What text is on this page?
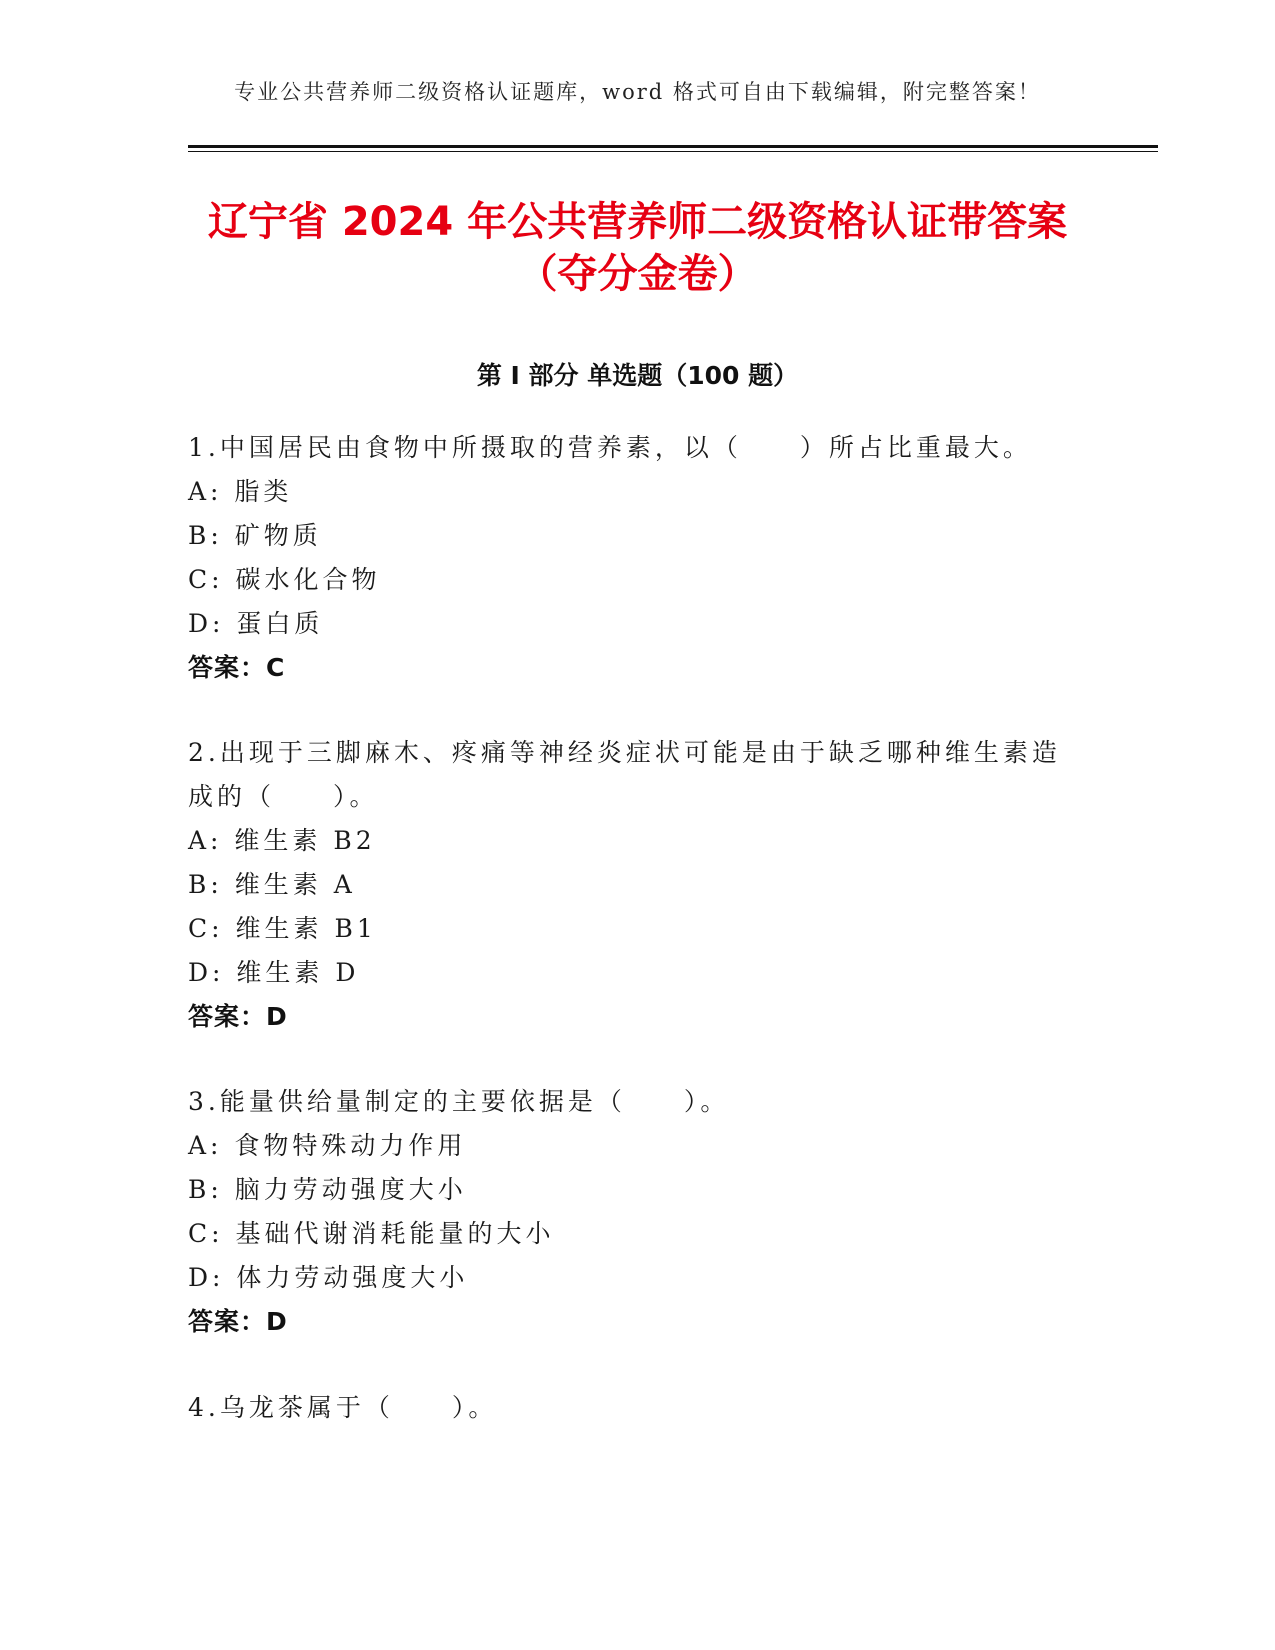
专业公共营养师二级资格认证题库，word 格式可自由下载编辑，附完整答案！
辽宁省 2024 年公共营养师二级资格认证带答案（夺分金卷）
第 I 部分 单选题（100 题）
1.中国居民由食物中所摄取的营养素，以（　　）所占比重最大。
A: 脂类
B: 矿物质
C: 碳水化合物
D: 蛋白质
答案：C
2.出现于三脚麻木、疼痛等神经炎症状可能是由于缺乏哪种维生素造
成的（　　）。
A: 维生素 B2
B: 维生素 A
C: 维生素 B1
D: 维生素 D
答案：D
3.能量供给量制定的主要依据是（　　）。
A: 食物特殊动力作用
B: 脑力劳动强度大小
C: 基础代谢消耗能量的大小
D: 体力劳动强度大小
答案：D
4.乌龙茶属于（　　）。
